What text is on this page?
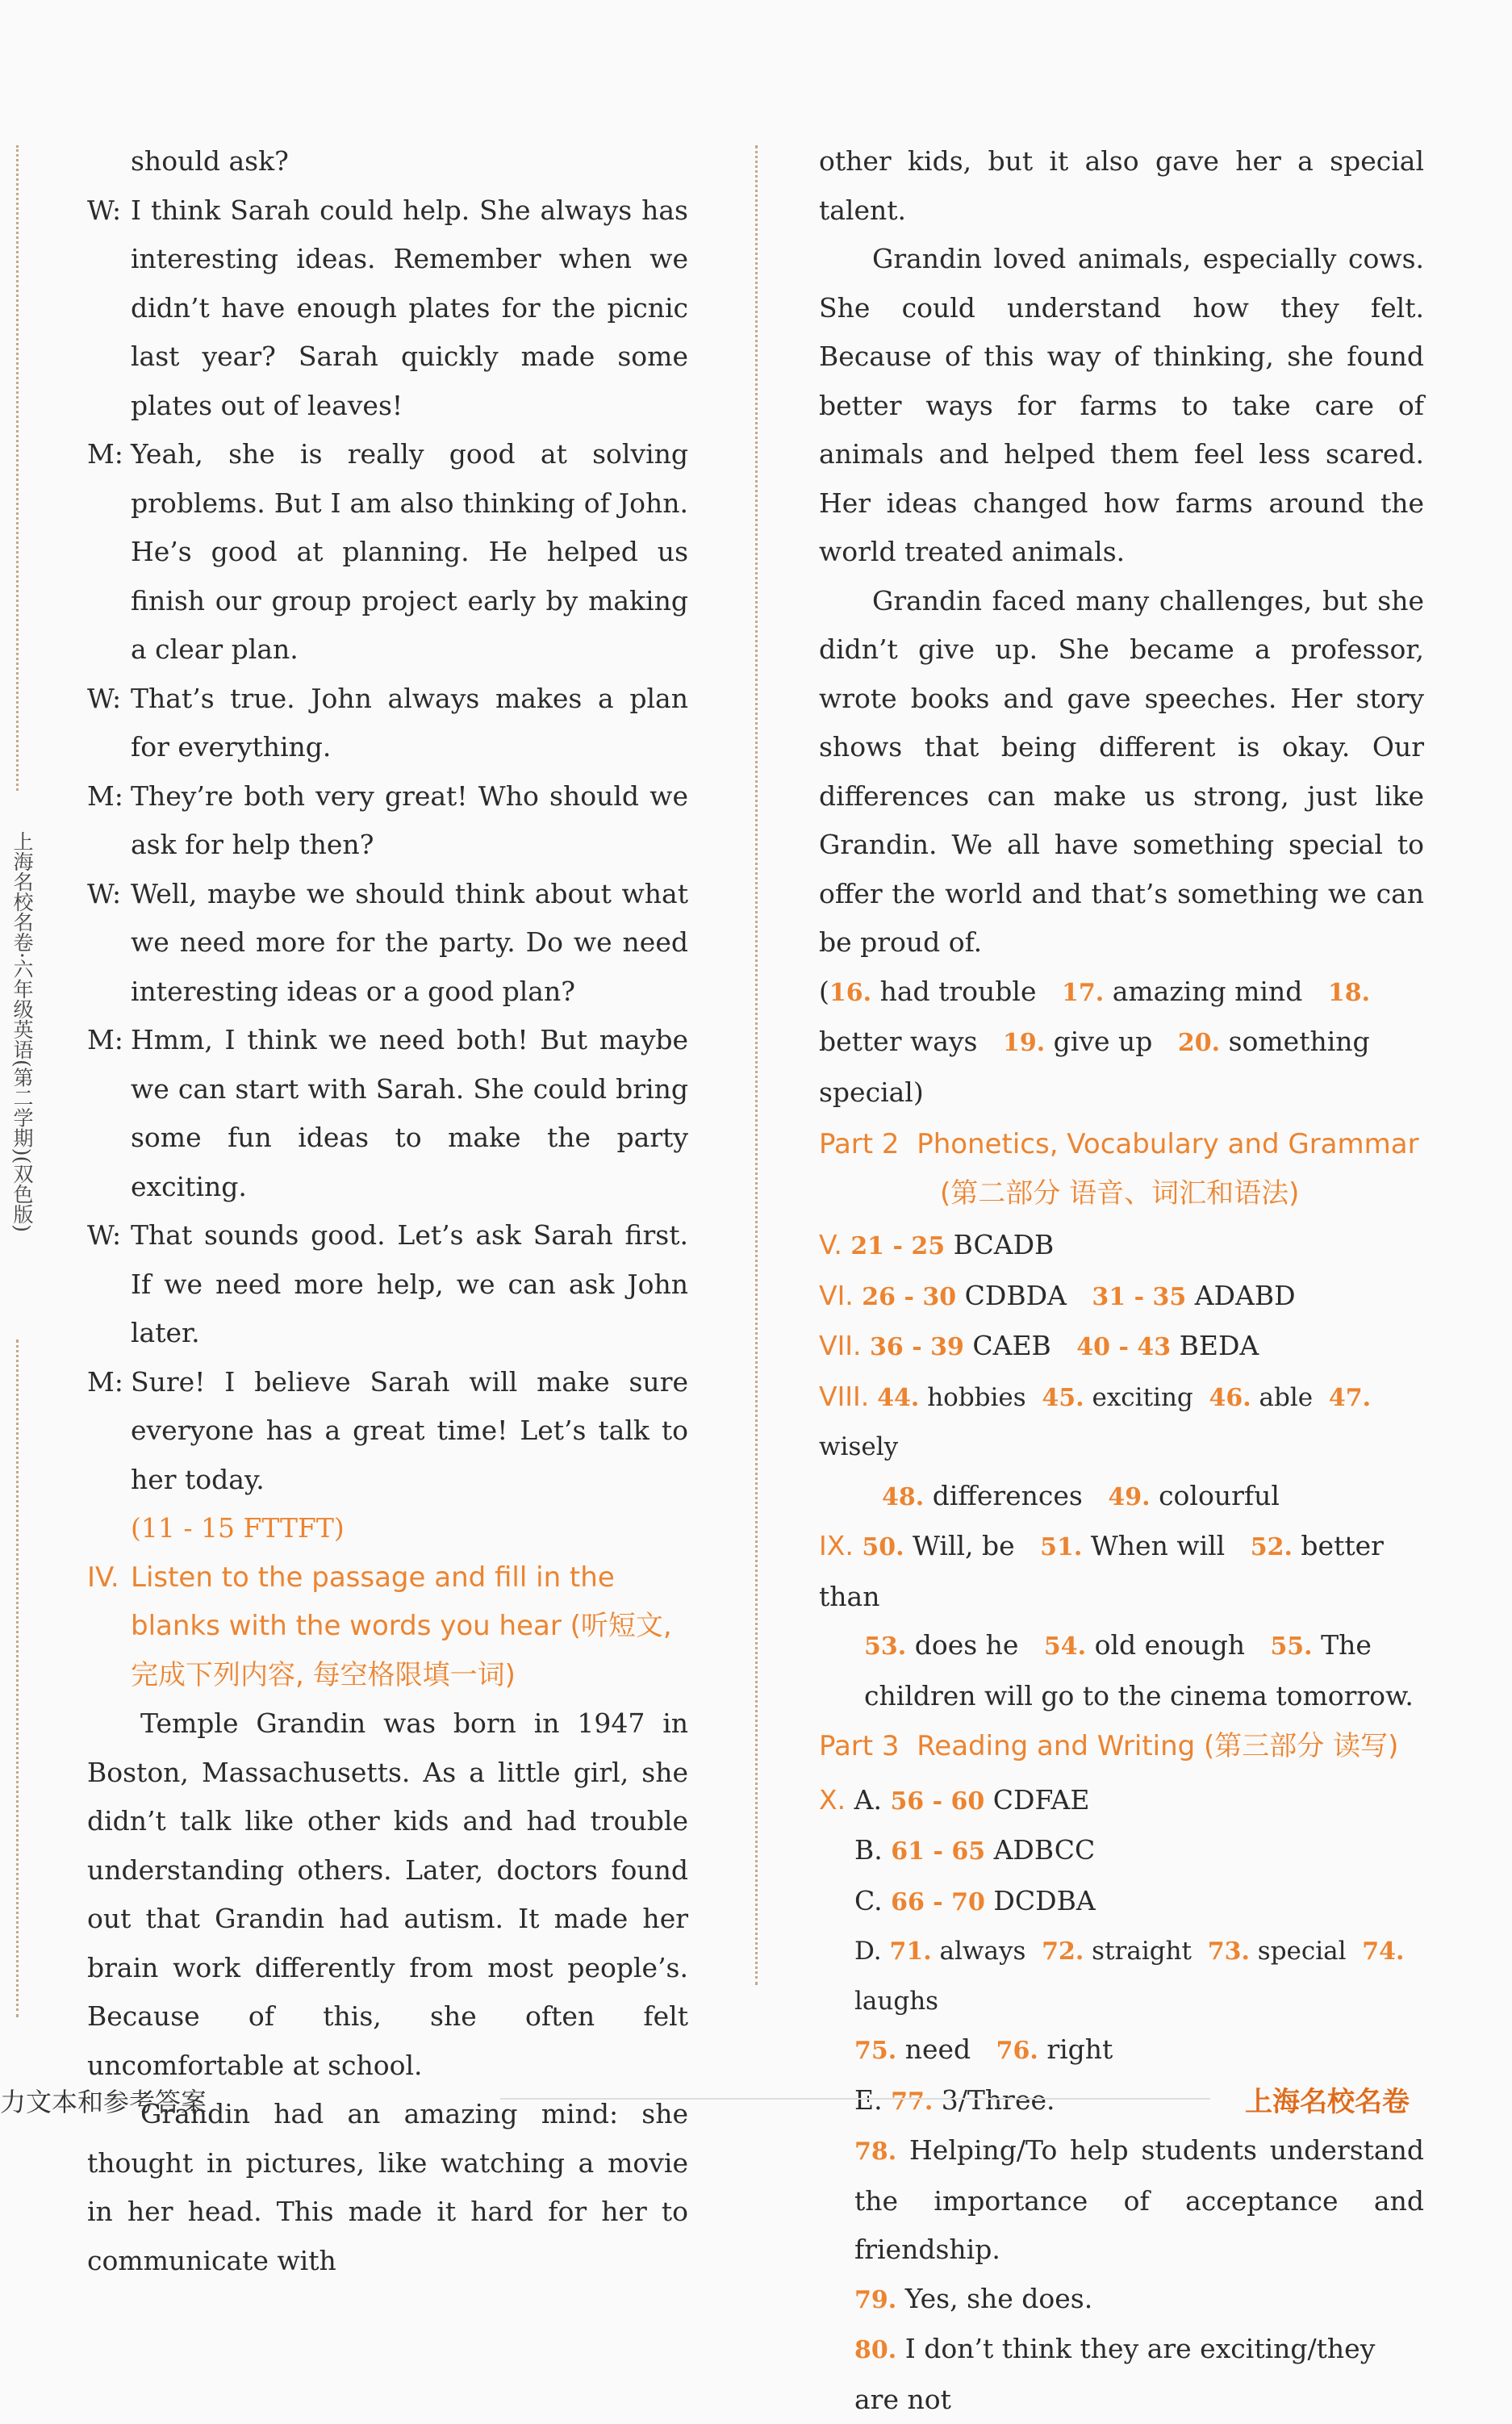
上海名校名卷·六年级英语(第二学期)(双色版)
should ask?
W: I think Sarah could help. She always has interesting ideas. Remember when we didn’t have enough plates for the picnic last year? Sarah quickly made some plates out of leaves!
M: Yeah, she is really good at solving problems. But I am also thinking of John. He’s good at planning. He helped us finish our group project early by making a clear plan.
W: That’s true. John always makes a plan for everything.
M: They’re both very great! Who should we ask for help then?
W: Well, maybe we should think about what we need more for the party. Do we need interesting ideas or a good plan?
M: Hmm, I think we need both! But maybe we can start with Sarah. She could bring some fun ideas to make the party exciting.
W: That sounds good. Let’s ask Sarah first. If we need more help, we can ask John later.
M: Sure! I believe Sarah will make sure everyone has a great time! Let’s talk to her today.
(11 - 15 FTTFT)
IV. Listen to the passage and fill in the blanks with the words you hear (听短文, 完成下列内容, 每空格限填一词)

Temple Grandin was born in 1947 in Boston, Massachusetts. As a little girl, she didn’t talk like other kids and had trouble understanding others. Later, doctors found out that Grandin had autism. It made her brain work differently from most people’s. Because of this, she often felt uncomfortable at school.

Grandin had an amazing mind: she thought in pictures, like watching a movie in her head. This made it hard for her to communicate with

other kids, but it also gave her a special talent.

Grandin loved animals, especially cows. She could understand how they felt. Because of this way of thinking, she found better ways for farms to take care of animals and helped them feel less scared. Her ideas changed how farms around the world treated animals.

Grandin faced many challenges, but she didn’t give up. She became a professor, wrote books and gave speeches. Her story shows that being different is okay. Our differences can make us strong, just like Grandin. We all have something special to offer the world and that’s something we can be proud of.

(16. had trouble 17. amazing mind 18. better ways 19. give up 20. something special)

Part 2 Phonetics, Vocabulary and Grammar
(第二部分 语音、词汇和语法)
V. 21 - 25 BCADB
VI. 26 - 30 CDBDA 31 - 35 ADABD
VII. 36 - 39 CAEB 40 - 43 BEDA
VIII. 44. hobbies 45. exciting 46. able 47. wisely
48. differences 49. colourful
IX. 50. Will, be 51. When will 52. better than
53. does he 54. old enough 55. The children will go to the cinema tomorrow.
Part 3 Reading and Writing (第三部分 读写)
X. A. 56 - 60 CDFAE
B. 61 - 65 ADBCC
C. 66 - 70 DCDBA
D. 71. always 72. straight 73. special 74. laughs
75. need 76. right
E. 77. 3/Three.
78. Helping/To help students understand the importance of acceptance and friendship.
79. Yes, she does.
80. I don’t think they are exciting/they are not
力文本和参考答案	上海名校名卷
